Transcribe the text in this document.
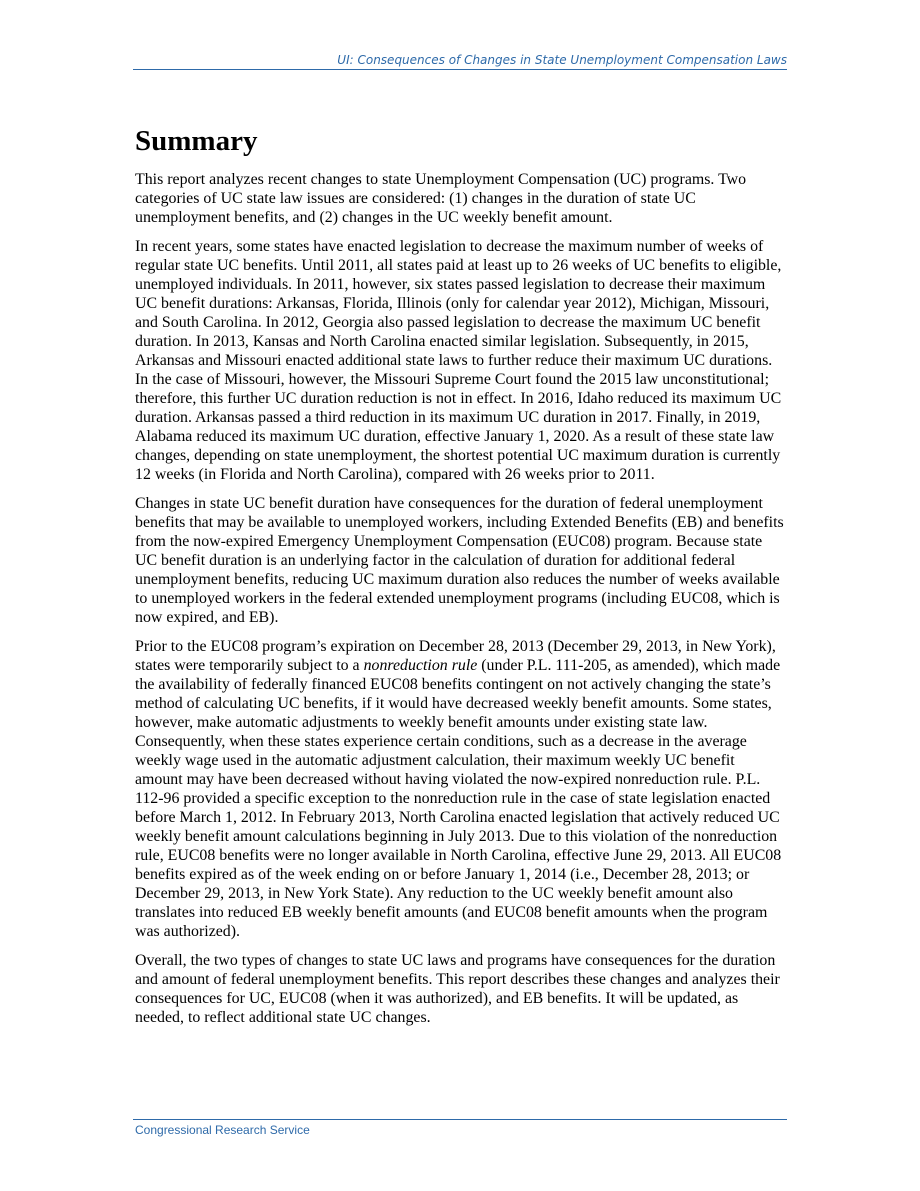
UI: Consequences of Changes in State Unemployment Compensation Laws
Summary

This report analyzes recent changes to state Unemployment Compensation (UC) programs. Two categories of UC state law issues are considered: (1) changes in the duration of state UC unemployment benefits, and (2) changes in the UC weekly benefit amount.

In recent years, some states have enacted legislation to decrease the maximum number of weeks of regular state UC benefits. Until 2011, all states paid at least up to 26 weeks of UC benefits to eligible, unemployed individuals. In 2011, however, six states passed legislation to decrease their maximum UC benefit durations: Arkansas, Florida, Illinois (only for calendar year 2012), Michigan, Missouri, and South Carolina. In 2012, Georgia also passed legislation to decrease the maximum UC benefit duration. In 2013, Kansas and North Carolina enacted similar legislation. Subsequently, in 2015, Arkansas and Missouri enacted additional state laws to further reduce their maximum UC durations. In the case of Missouri, however, the Missouri Supreme Court found the 2015 law unconstitutional; therefore, this further UC duration reduction is not in effect. In 2016, Idaho reduced its maximum UC duration. Arkansas passed a third reduction in its maximum UC duration in 2017. Finally, in 2019, Alabama reduced its maximum UC duration, effective January 1, 2020. As a result of these state law changes, depending on state unemployment, the shortest potential UC maximum duration is currently 12 weeks (in Florida and North Carolina), compared with 26 weeks prior to 2011.

Changes in state UC benefit duration have consequences for the duration of federal unemployment benefits that may be available to unemployed workers, including Extended Benefits (EB) and benefits from the now-expired Emergency Unemployment Compensation (EUC08) program. Because state UC benefit duration is an underlying factor in the calculation of duration for additional federal unemployment benefits, reducing UC maximum duration also reduces the number of weeks available to unemployed workers in the federal extended unemployment programs (including EUC08, which is now expired, and EB).

Prior to the EUC08 program’s expiration on December 28, 2013 (December 29, 2013, in New York), states were temporarily subject to a nonreduction rule (under P.L. 111-205, as amended), which made the availability of federally financed EUC08 benefits contingent on not actively changing the state’s method of calculating UC benefits, if it would have decreased weekly benefit amounts. Some states, however, make automatic adjustments to weekly benefit amounts under existing state law. Consequently, when these states experience certain conditions, such as a decrease in the average weekly wage used in the automatic adjustment calculation, their maximum weekly UC benefit amount may have been decreased without having violated the now-expired nonreduction rule. P.L. 112-96 provided a specific exception to the nonreduction rule in the case of state legislation enacted before March 1, 2012. In February 2013, North Carolina enacted legislation that actively reduced UC weekly benefit amount calculations beginning in July 2013. Due to this violation of the nonreduction rule, EUC08 benefits were no longer available in North Carolina, effective June 29, 2013. All EUC08 benefits expired as of the week ending on or before January 1, 2014 (i.e., December 28, 2013; or December 29, 2013, in New York State). Any reduction to the UC weekly benefit amount also translates into reduced EB weekly benefit amounts (and EUC08 benefit amounts when the program was authorized).

Overall, the two types of changes to state UC laws and programs have consequences for the duration and amount of federal unemployment benefits. This report describes these changes and analyzes their consequences for UC, EUC08 (when it was authorized), and EB benefits. It will be updated, as needed, to reflect additional state UC changes.

Congressional Research Service
